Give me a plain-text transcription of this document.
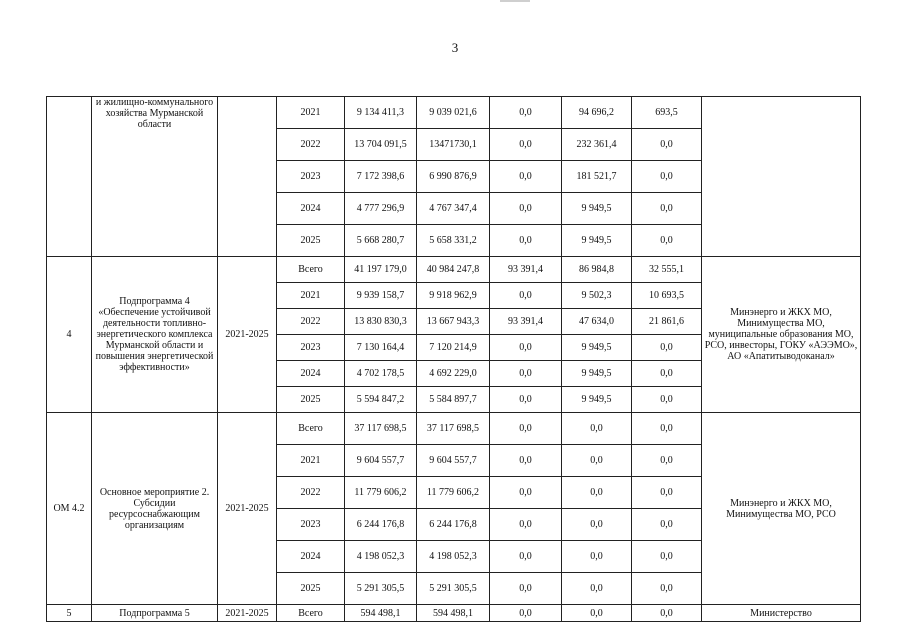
3
	и жилищно-коммунального хозяйства Мурманской области		2021	9 134 411,3	9 039 021,6	0,0	94 696,2	693,5	
			2022	13 704 091,5	13471730,1	0,0	232 361,4	0,0	
			2023	7 172 398,6	6 990 876,9	0,0	181 521,7	0,0	
			2024	4 777 296,9	4 767 347,4	0,0	9 949,5	0,0	
			2025	5 668 280,7	5 658 331,2	0,0	9 949,5	0,0	
4	Подпрограмма 4 «Обеспечение устойчивой деятельности топливно-энергетического комплекса Мурманской области и повышения энергетической эффективности»	2021-2025	Всего	41 197 179,0	40 984 247,8	93 391,4	86 984,8	32 555,1	Минэнерго и ЖКХ МО, Минимущества МО, муниципальные образования МО, РСО, инвесторы, ГОКУ «АЭЭМО», АО «Апатитыводоканал»
			2021	9 939 158,7	9 918 962,9	0,0	9 502,3	10 693,5	
			2022	13 830 830,3	13 667 943,3	93 391,4	47 634,0	21 861,6	
			2023	7 130 164,4	7 120 214,9	0,0	9 949,5	0,0	
			2024	4 702 178,5	4 692 229,0	0,0	9 949,5	0,0	
			2025	5 594 847,2	5 584 897,7	0,0	9 949,5	0,0	
ОМ 4.2	Основное мероприятие 2. Субсидии ресурсоснабжающим организациям	2021-2025	Всего	37 117 698,5	37 117 698,5	0,0	0,0	0,0	Минэнерго и ЖКХ МО, Минимущества МО, РСО
			2021	9 604 557,7	9 604 557,7	0,0	0,0	0,0	
			2022	11 779 606,2	11 779 606,2	0,0	0,0	0,0	
			2023	6 244 176,8	6 244 176,8	0,0	0,0	0,0	
			2024	4 198 052,3	4 198 052,3	0,0	0,0	0,0	
			2025	5 291 305,5	5 291 305,5	0,0	0,0	0,0	
5	Подпрограмма 5	2021-2025	Всего	594 498,1	594 498,1	0,0	0,0	0,0	Министерство
